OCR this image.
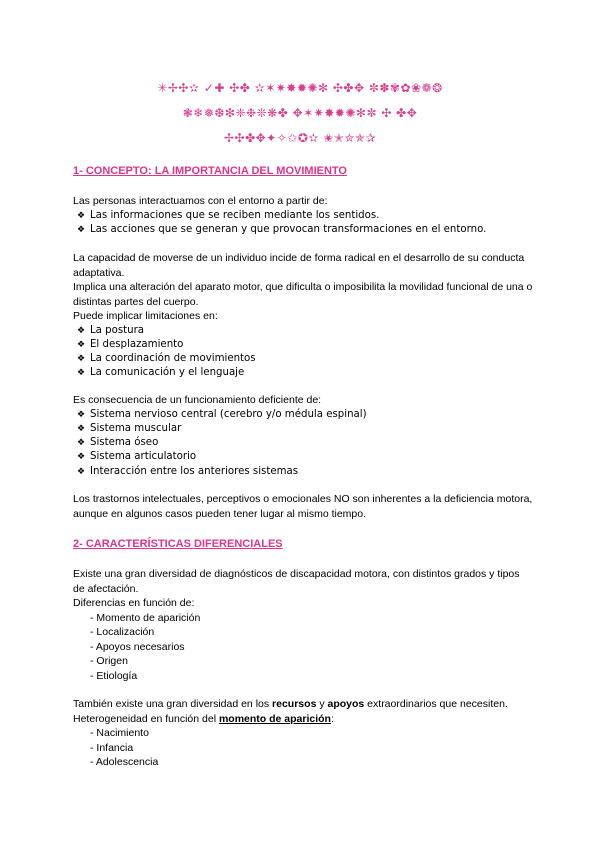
✳✢✣✫ ✓✚ ✣✤ ✫✶✷✸✹✺✻ ✣✤✥ ✼✽✾✿❀❁❂
❃❄❅❆❇❈❉❊❋✤ ✥✶✷✸✹✺✻✼ ✣ ✤✥
✢✣✤✥✦✧✩✪✫ ✬✭✮✯✰
1- CONCEPTO: LA IMPORTANCIA DEL MOVIMIENTO

Las personas interactuamos con el entorno a partir de:

❖ Las informaciones que se reciben mediante los sentidos.
❖ Las acciones que se generan y que provocan transformaciones en el entorno.

La capacidad de moverse de un individuo incide de forma radical en el desarrollo de su conducta adaptativa.

Implica una alteración del aparato motor, que dificulta o imposibilita la movilidad funcional de una o distintas partes del cuerpo.

Puede implicar limitaciones en:

❖ La postura
❖ El desplazamiento
❖ La coordinación de movimientos
❖ La comunicación y el lenguaje

Es consecuencia de un funcionamiento deficiente de:

❖ Sistema nervioso central (cerebro y/o médula espinal)
❖ Sistema muscular
❖ Sistema óseo
❖ Sistema articulatorio
❖ Interacción entre los anteriores sistemas

Los trastornos intelectuales, perceptivos o emocionales NO son inherentes a la deficiencia motora, aunque en algunos casos pueden tener lugar al mismo tiempo.

2- CARACTERÍSTICAS DIFERENCIALES

Existe una gran diversidad de diagnósticos de discapacidad motora, con distintos grados y tipos de afectación.

Diferencias en función de:

- Momento de aparición
- Localización
- Apoyos necesarios
- Origen
- Etiología

También existe una gran diversidad en los recursos y apoyos extraordinarios que necesiten.

Heterogeneidad en función del momento de aparición:

- Nacimiento
- Infancia
- Adolescencia
